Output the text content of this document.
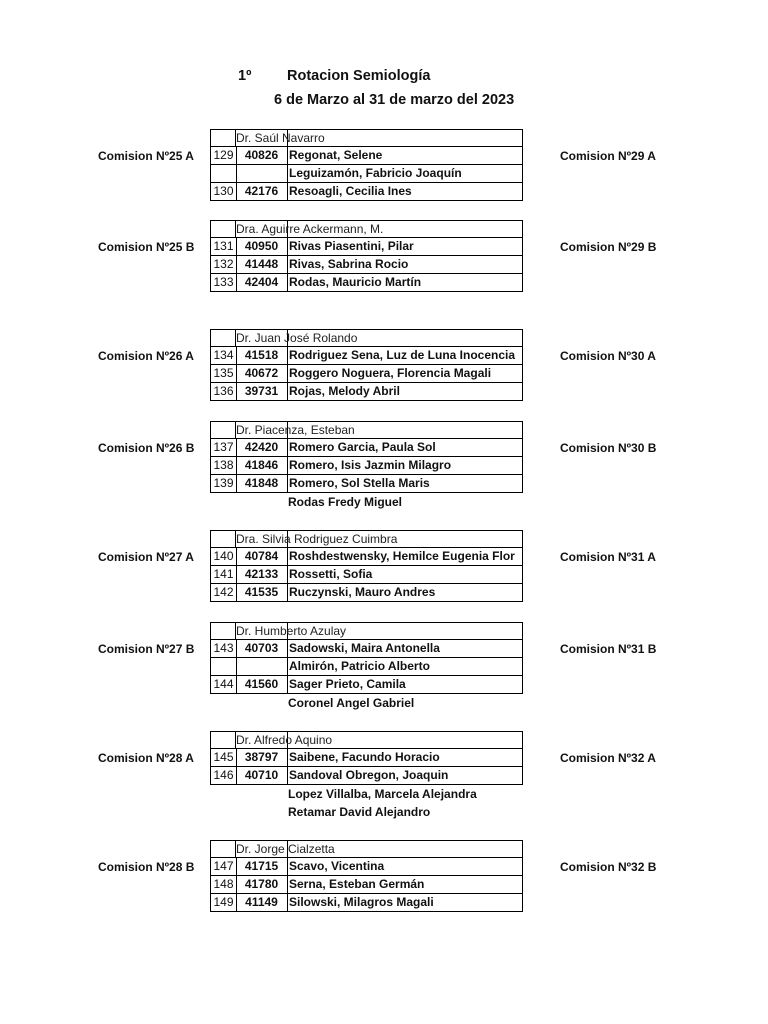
1º Rotacion Semiología
6 de Marzo al 31 de marzo del 2023
Comision Nº25 A	Comision Nº29 A
Dr. Saúl Navarro
129 40826 Regonat, Selene
Leguizamón, Fabricio Joaquín
130 42176 Resoagli, Cecilia Ines
Comision Nº25 B	Comision Nº29 B
Dra. Aguirre Ackermann, M.
131 40950 Rivas Piasentini, Pilar
132 41448 Rivas, Sabrina Rocio
133 42404 Rodas, Mauricio Martín
Comision Nº26 A	Comision Nº30 A
Dr. Juan José Rolando
134 41518 Rodriguez Sena, Luz de Luna Inocencia
135 40672 Roggero Noguera, Florencia Magali
136 39731 Rojas, Melody Abril
Comision Nº26 B	Comision Nº30 B
Dr. Piacenza, Esteban
137 42420 Romero Garcia, Paula Sol
138 41846 Romero, Isis Jazmin Milagro
139 41848 Romero, Sol Stella Maris
Rodas Fredy Miguel
Comision Nº27 A	Comision Nº31 A
Dra. Silvia Rodriguez Cuimbra
140 40784 Roshdestwensky, Hemilce Eugenia Flor
141 42133 Rossetti, Sofia
142 41535 Ruczynski, Mauro Andres
Comision Nº27 B	Comision Nº31 B
Dr. Humberto Azulay
143 40703 Sadowski, Maira Antonella
Almirón, Patricio Alberto
144 41560 Sager Prieto, Camila
Coronel Angel Gabriel
Comision Nº28 A	Comision Nº32 A
Dr. Alfredo Aquino
145 38797 Saibene, Facundo Horacio
146 40710 Sandoval Obregon, Joaquin
Lopez Villalba, Marcela Alejandra
Retamar David Alejandro
Comision Nº28 B	Comision Nº32 B
Dr. Jorge Cialzetta
147 41715 Scavo, Vicentina
148 41780 Serna, Esteban Germán
149 41149 Silowski, Milagros Magali
